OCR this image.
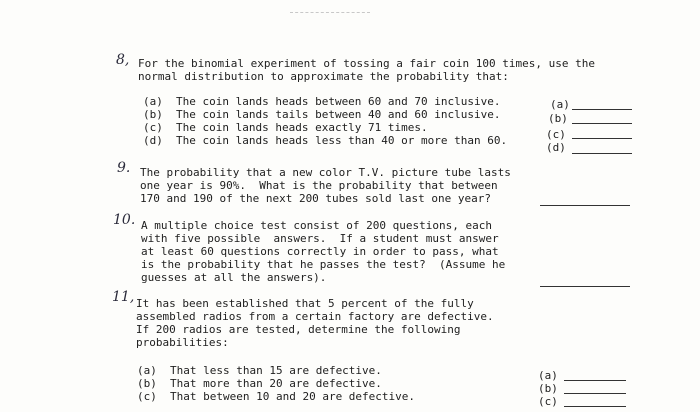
8, For the binomial experiment of tossing a fair coin 100 times, use the
normal distribution to approximate the probability that:
(a) The coin lands heads between 60 and 70 inclusive.
(b) The coin lands tails between 40 and 60 inclusive.
(c) The coin lands heads exactly 71 times.
(d) The coin lands heads less than 40 or more than 60.
(a)
(b)
(c)
(d)
9. The probability that a new color T.V. picture tube lasts
one year is 90%.  What is the probability that between
170 and 190 of the next 200 tubes sold last one year?
10. A multiple choice test consist of 200 questions, each
with five possible  answers.  If a student must answer
at least 60 questions correctly in order to pass, what
is the probability that he passes the test?  (Assume he
guesses at all the answers).
11, It has been established that 5 percent of the fully
assembled radios from a certain factory are defective.
If 200 radios are tested, determine the following
probabilities:
(a) That less than 15 are defective.
(b) That more than 20 are defective.
(c) That between 10 and 20 are defective.
(a)
(b)
(c)
